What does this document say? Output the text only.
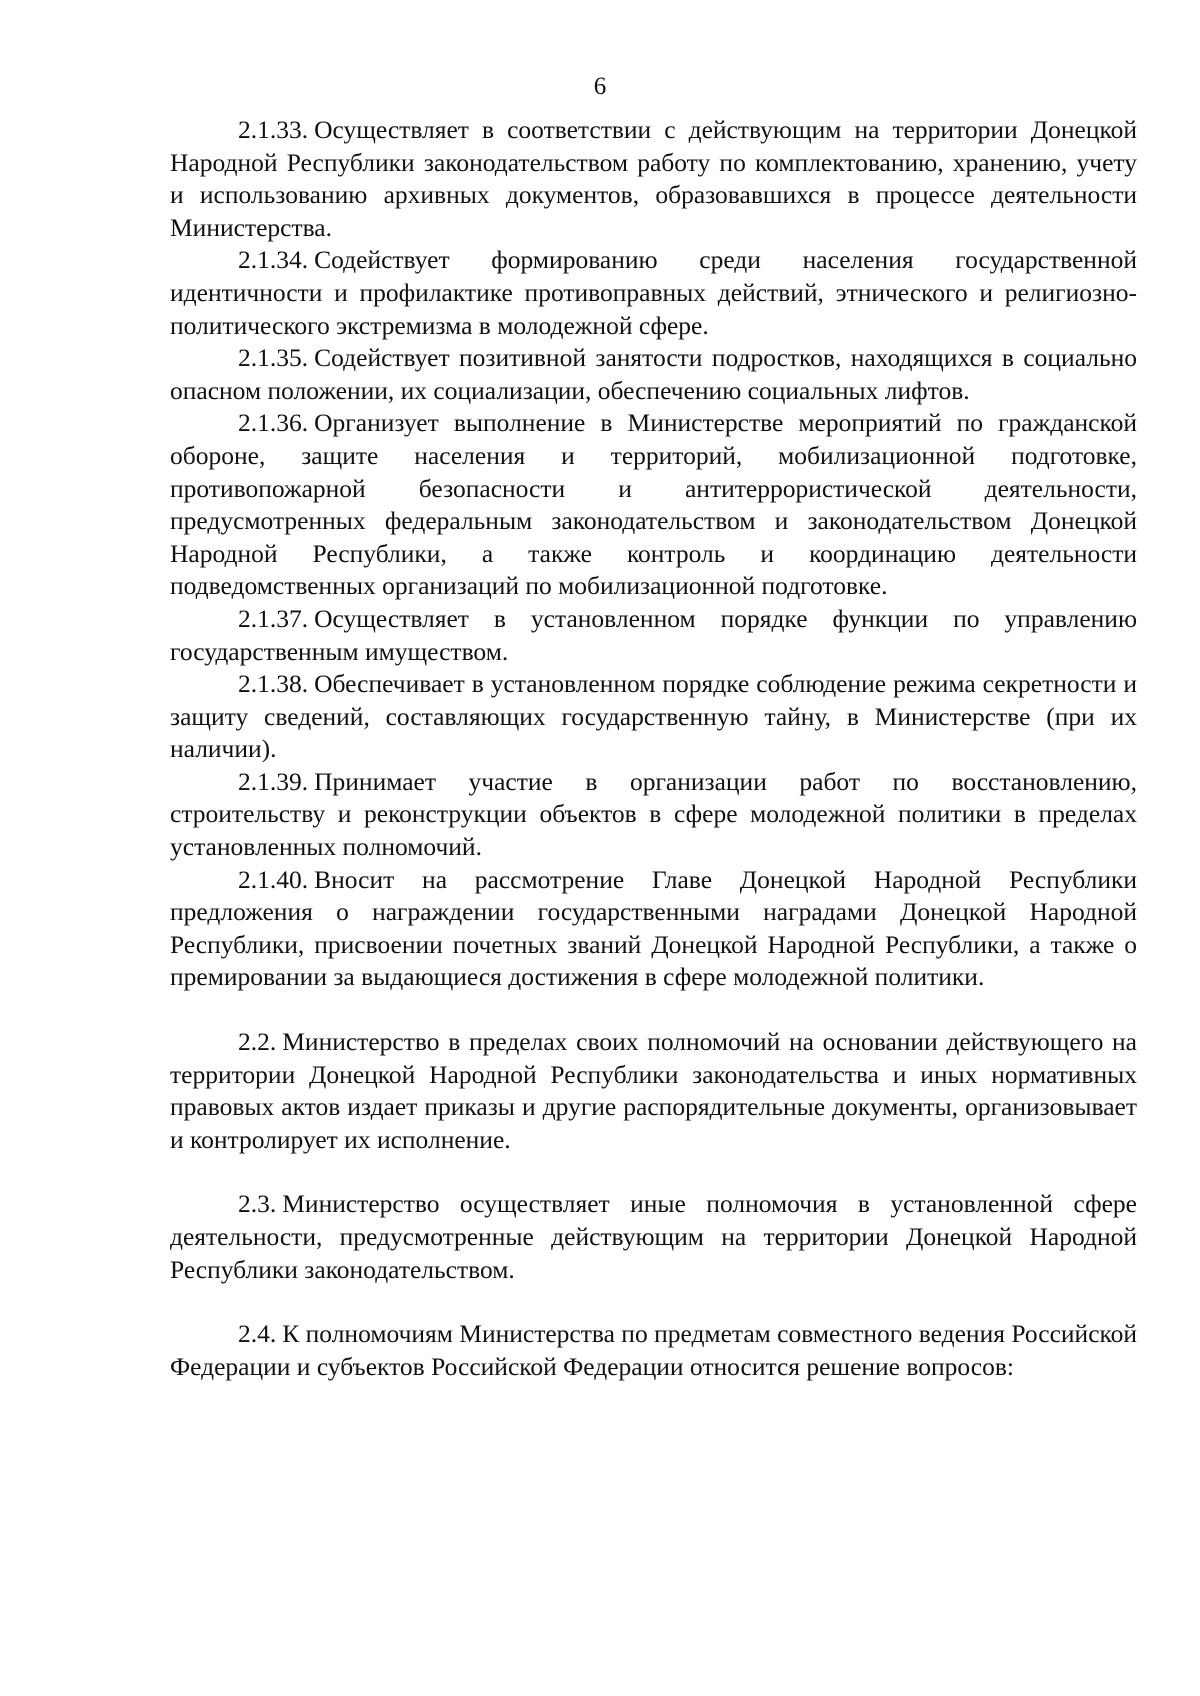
6

2.1.33. Осуществляет в соответствии с действующим на территории Донецкой Народной Республики законодательством работу по комплектованию, хранению, учету и использованию архивных документов, образовавшихся в процессе деятельности Министерства.

2.1.34. Содействует формированию среди населения государственной идентичности и профилактике противоправных действий, этнического и религиозно-политического экстремизма в молодежной сфере.

2.1.35. Содействует позитивной занятости подростков, находящихся в социально опасном положении, их социализации, обеспечению социальных лифтов.

2.1.36. Организует выполнение в Министерстве мероприятий по гражданской обороне, защите населения и территорий, мобилизационной подготовке, противопожарной безопасности и антитеррористической деятельности, предусмотренных федеральным законодательством и законодательством Донецкой Народной Республики, а также контроль и координацию деятельности подведомственных организаций по мобилизационной подготовке.

2.1.37. Осуществляет в установленном порядке функции по управлению государственным имуществом.

2.1.38. Обеспечивает в установленном порядке соблюдение режима секретности и защиту сведений, составляющих государственную тайну, в Министерстве (при их наличии).

2.1.39. Принимает участие в организации работ по восстановлению, строительству и реконструкции объектов в сфере молодежной политики в пределах установленных полномочий.

2.1.40. Вносит на рассмотрение Главе Донецкой Народной Республики предложения о награждении государственными наградами Донецкой Народной Республики, присвоении почетных званий Донецкой Народной Республики, а также о премировании за выдающиеся достижения в сфере молодежной политики.

2.2. Министерство в пределах своих полномочий на основании действующего на территории Донецкой Народной Республики законодательства и иных нормативных правовых актов издает приказы и другие распорядительные документы, организовывает и контролирует их исполнение.

2.3. Министерство осуществляет иные полномочия в установленной сфере деятельности, предусмотренные действующим на территории Донецкой Народной Республики законодательством.

2.4. К полномочиям Министерства по предметам совместного ведения Российской Федерации и субъектов Российской Федерации относится решение вопросов:
